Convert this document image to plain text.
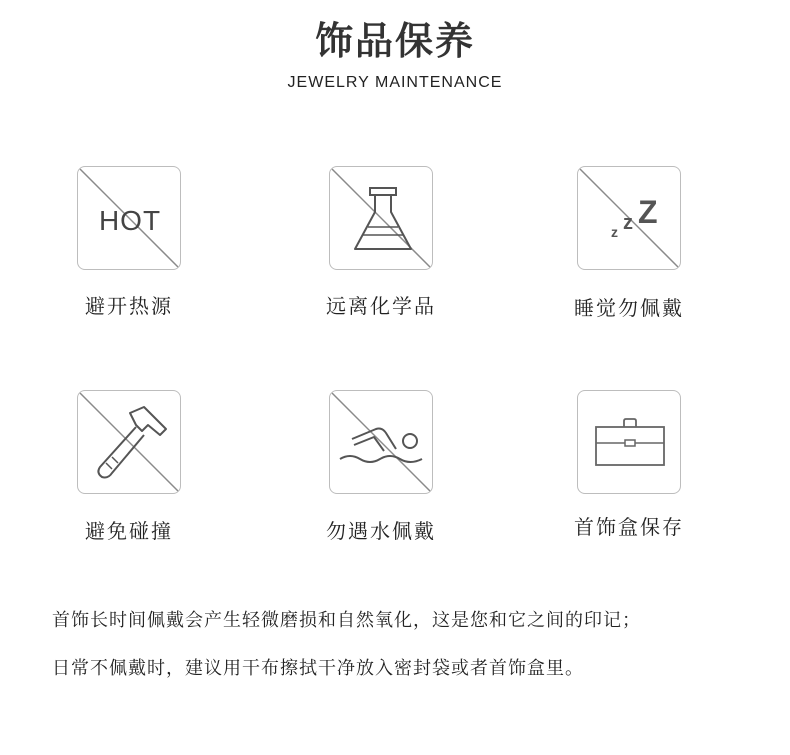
饰品保养
JEWELRY MAINTENANCE
HOT
避开热源	远离化学品
z z Z
睡觉勿佩戴
避免碰撞	勿遇水佩戴	首饰盒保存
首饰长时间佩戴会产生轻微磨损和自然氧化，这是您和它之间的印记；
日常不佩戴时，建议用干布擦拭干净放入密封袋或者首饰盒里。
